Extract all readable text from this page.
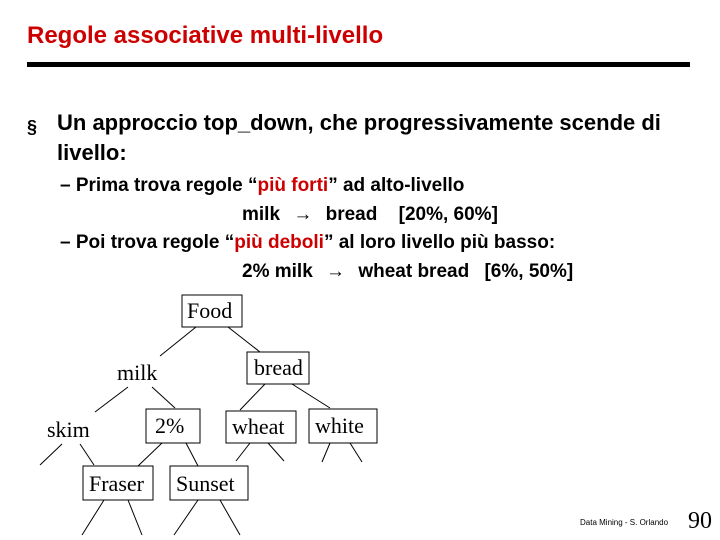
Regole associative multi-livello
§ Un approccio top_down, che progressivamente scende di livello:
– Prima trova regole “più forti” ad alto-livello
milk → bread [20%, 60%]
– Poi trova regole “più deboli” al loro livello più basso:
2% milk → wheat bread [6%, 50%]
Food
milk	bread
skim	2% wheat white
Fraser Sunset
Data Mining - S. Orlando 90
